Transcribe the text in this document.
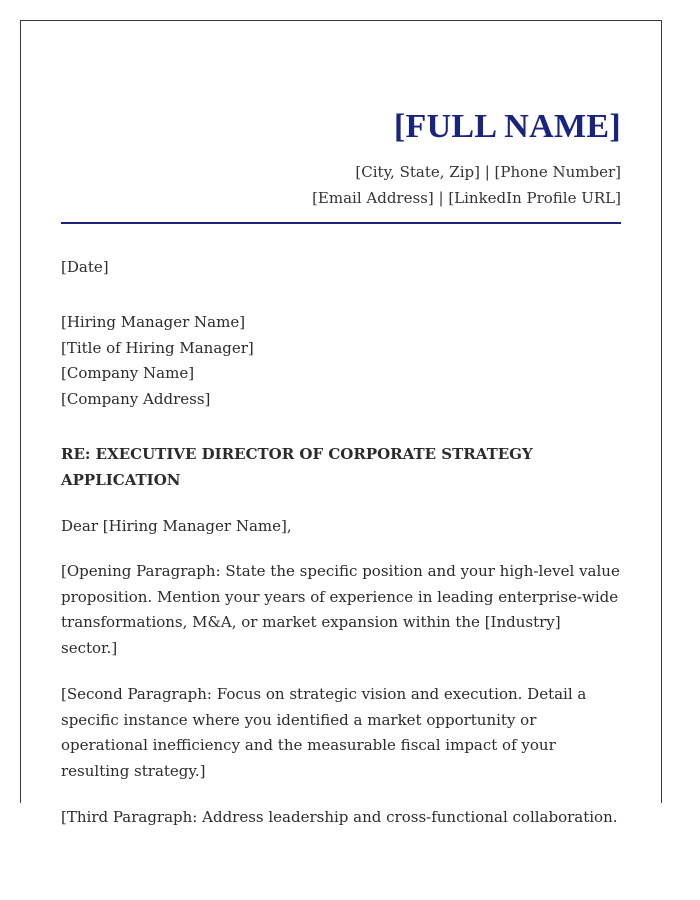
[FULL NAME]
[City, State, Zip] | [Phone Number]
[Email Address] | [LinkedIn Profile URL]
[Date]
[Hiring Manager Name]
[Title of Hiring Manager]
[Company Name]
[Company Address]
RE: EXECUTIVE DIRECTOR OF CORPORATE STRATEGY APPLICATION
Dear [Hiring Manager Name],
[Opening Paragraph: State the specific position and your high-level value proposition. Mention your years of experience in leading enterprise-wide transformations, M&A, or market expansion within the [Industry] sector.]
[Second Paragraph: Focus on strategic vision and execution. Detail a specific instance where you identified a market opportunity or operational inefficiency and the measurable fiscal impact of your resulting strategy.]
[Third Paragraph: Address leadership and cross-functional collaboration.
